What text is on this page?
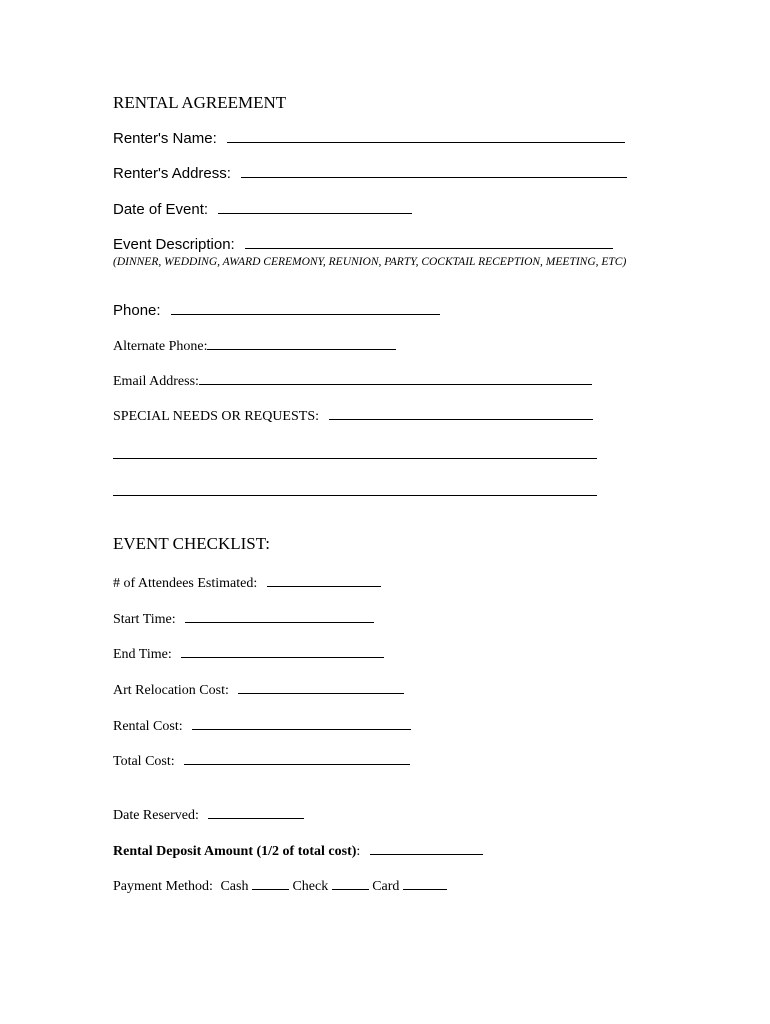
RENTAL AGREEMENT
Renter's Name:
Renter's Address:
Date of Event:
Event Description:
(DINNER, WEDDING, AWARD CEREMONY, REUNION, PARTY, COCKTAIL RECEPTION, MEETING, ETC)
Phone:
Alternate Phone:
Email Address:
SPECIAL NEEDS OR REQUESTS:
EVENT CHECKLIST:
# of Attendees Estimated:
Start Time:
End Time:
Art Relocation Cost:
Rental Cost:
Total Cost:
Date Reserved:
Rental Deposit Amount (1/2 of total cost):
Payment Method: Cash	Check	Card
